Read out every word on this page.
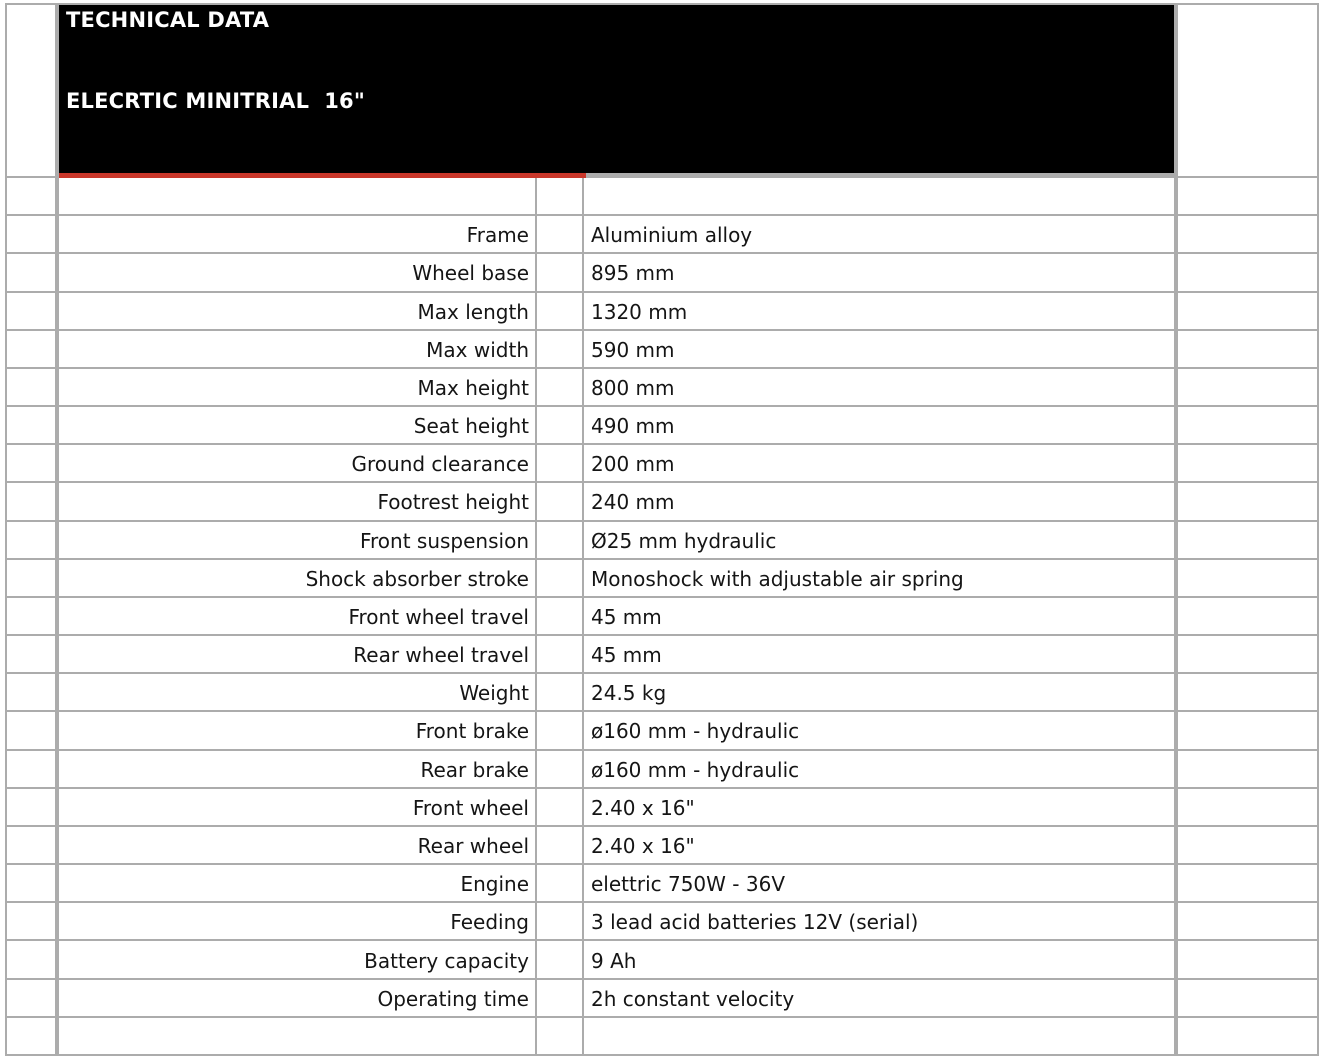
TECHNICAL DATA

ELECRTIC MINITRIAL  16"

Frame	Aluminium alloy
Wheel base	895 mm
Max length	1320 mm
Max width	590 mm
Max height	800 mm
Seat height	490 mm
Ground clearance	200 mm
Footrest height	240 mm
Front suspension	Ø25 mm hydraulic
Shock absorber stroke	Monoshock with adjustable air spring
Front wheel travel	45 mm
Rear wheel travel	45 mm
Weight	24.5 kg
Front brake	ø160 mm - hydraulic
Rear brake	ø160 mm - hydraulic
Front wheel	2.40 x 16"
Rear wheel	2.40 x 16"
Engine	elettric 750W - 36V
Feeding	3 lead acid batteries 12V (serial)
Battery capacity	9 Ah
Operating time	2h constant velocity
